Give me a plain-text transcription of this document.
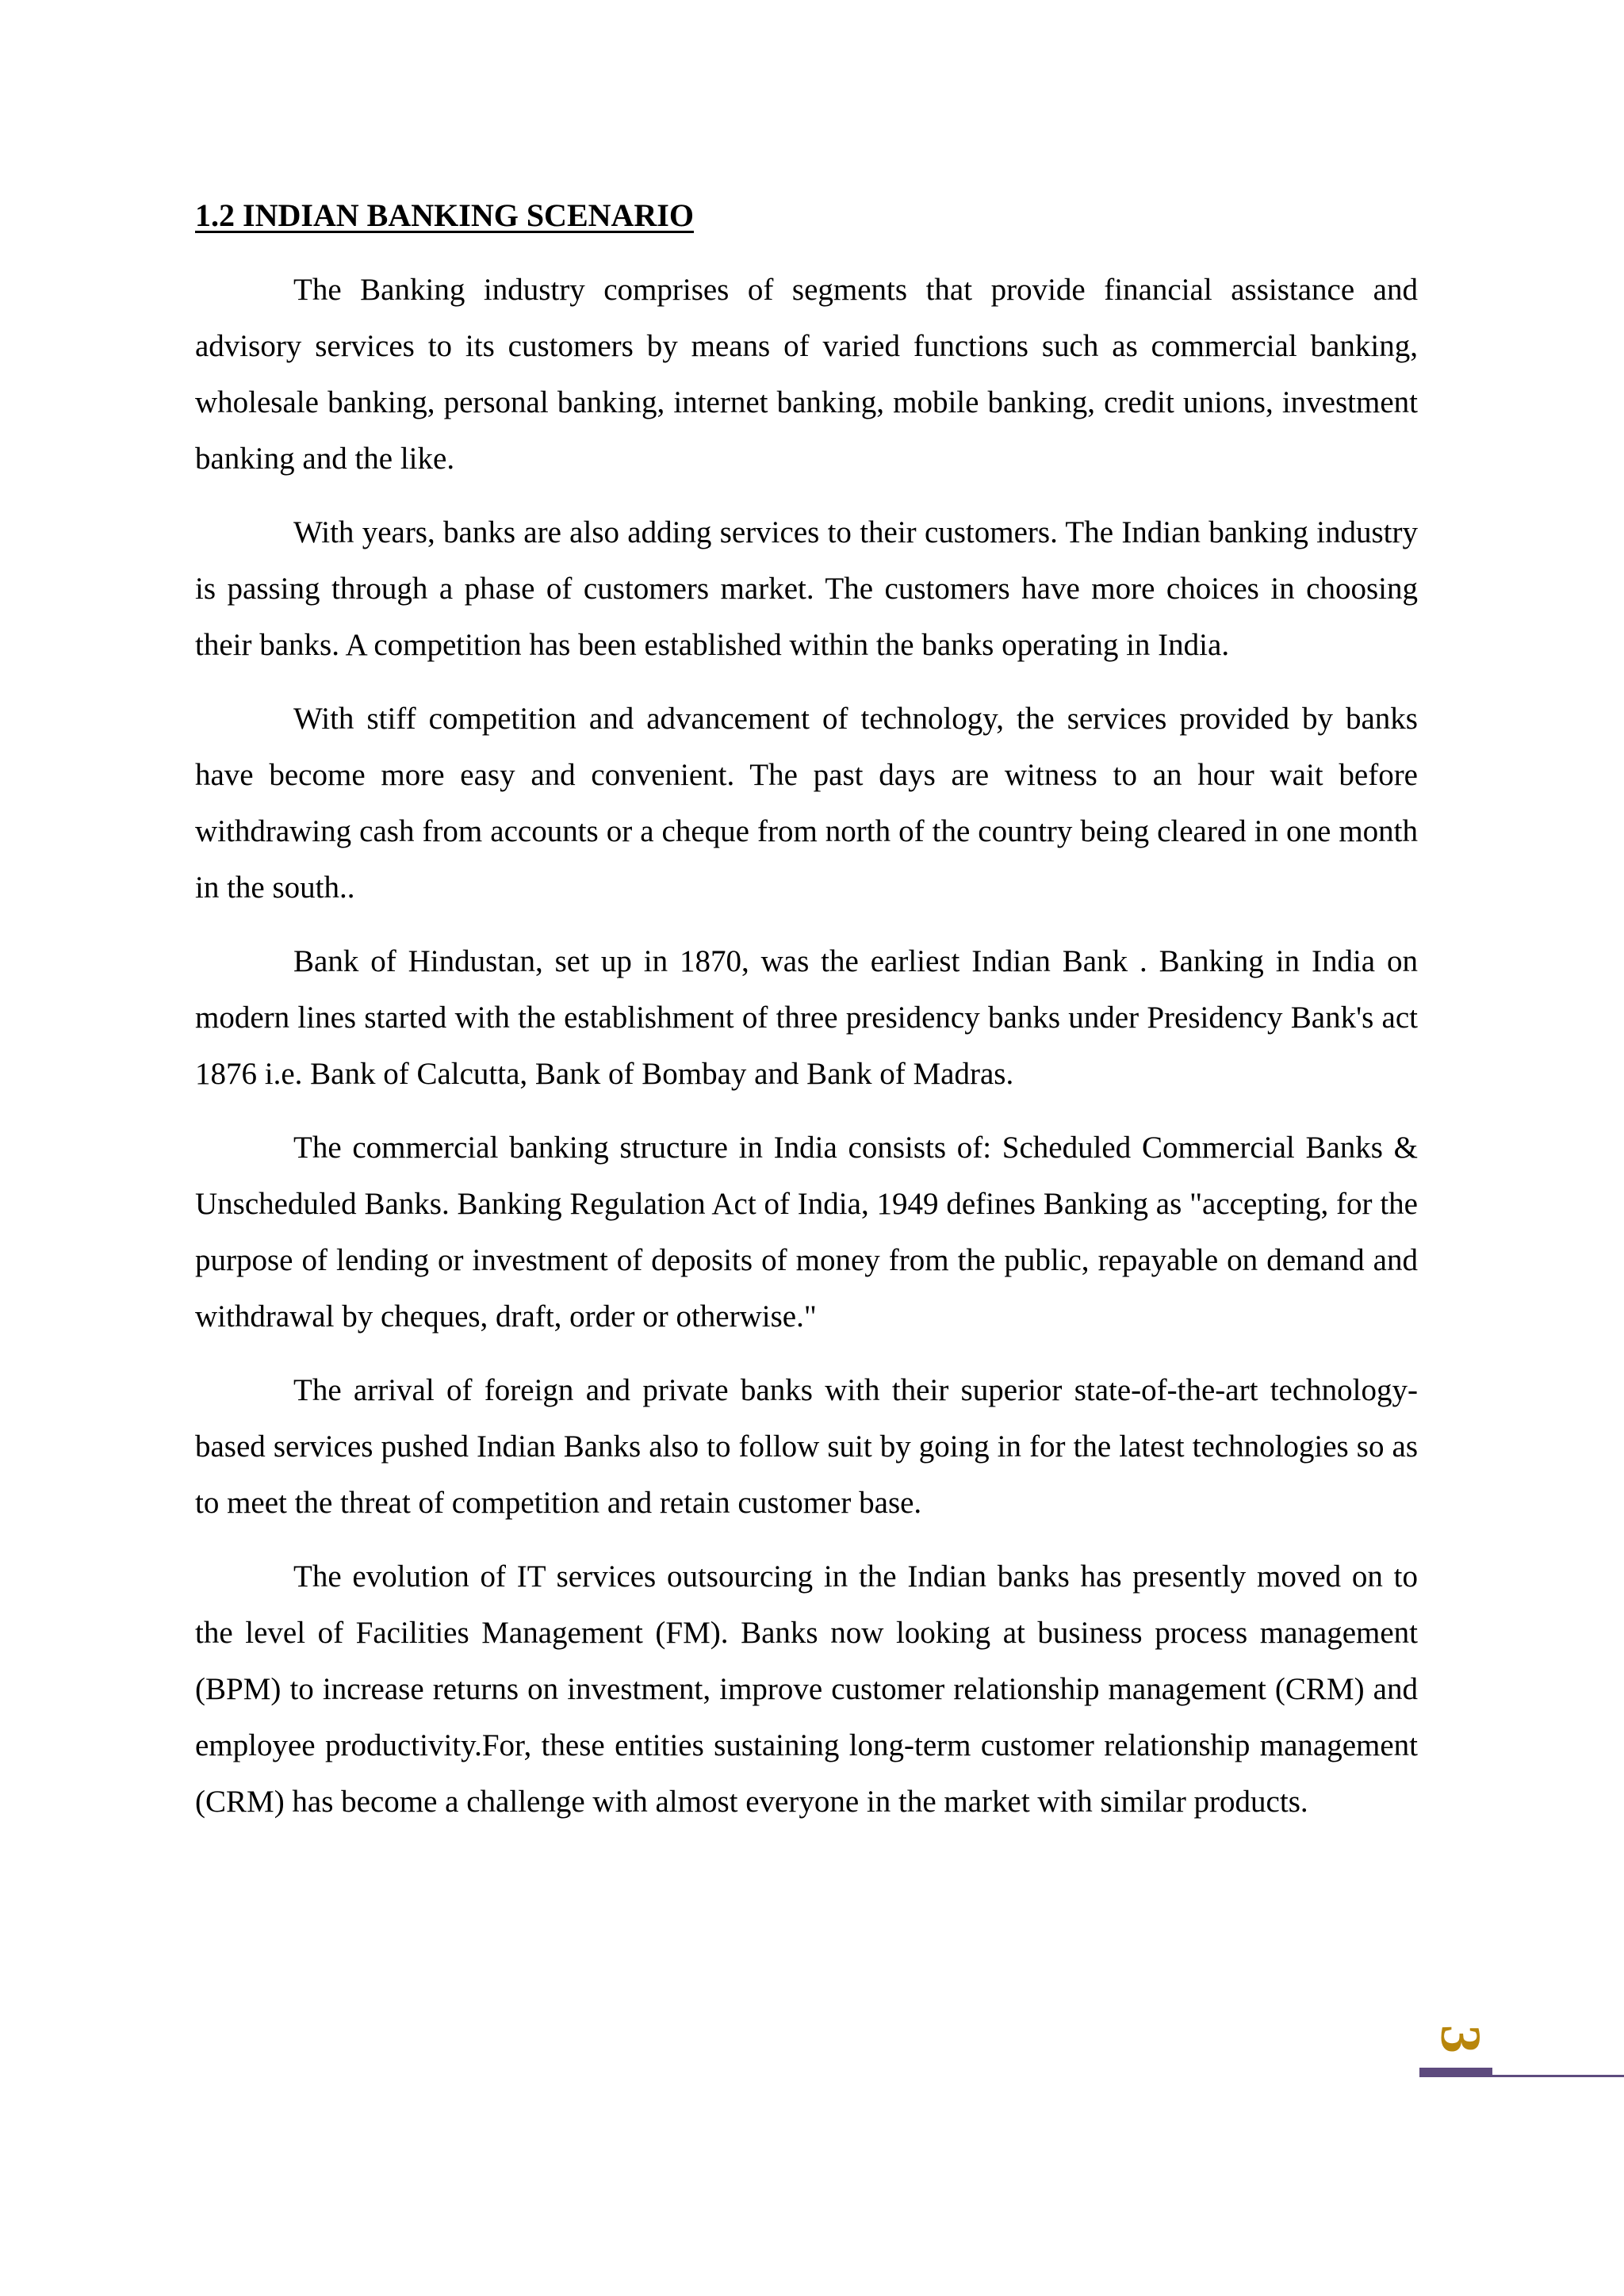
1.2 INDIAN BANKING SCENARIO

The Banking industry comprises of segments that provide financial assistance and advisory services to its customers by means of varied functions such as commercial banking, wholesale banking, personal banking, internet banking, mobile banking, credit unions, investment banking and the like.

With years, banks are also adding services to their customers. The Indian banking industry is passing through a phase of customers market. The customers have more choices in choosing their banks. A competition has been established within the banks operating in India.

With stiff competition and advancement of technology, the services provided by banks have become more easy and convenient. The past days are witness to an hour wait before withdrawing cash from accounts or a cheque from north of the country being cleared in one month in the south..

Bank of Hindustan, set up in 1870, was the earliest Indian Bank . Banking in India on modern lines started with the establishment of three presidency banks under Presidency Bank's act 1876 i.e. Bank of Calcutta, Bank of Bombay and Bank of Madras.

The commercial banking structure in India consists of: Scheduled Commercial Banks & Unscheduled Banks. Banking Regulation Act of India, 1949 defines Banking as "accepting, for the purpose of lending or investment of deposits of money from the public, repayable on demand and withdrawal by cheques, draft, order or otherwise."

The arrival of foreign and private banks with their superior state-of-the-art technology-based services pushed Indian Banks also to follow suit by going in for the latest technologies so as to meet the threat of competition and retain customer base.

The evolution of IT services outsourcing in the Indian banks has presently moved on to the level of Facilities Management (FM). Banks now looking at business process management (BPM) to increase returns on investment, improve customer relationship management (CRM) and employee productivity.For, these entities sustaining long-term customer relationship management (CRM) has become a challenge with almost everyone in the market with similar products.

3
